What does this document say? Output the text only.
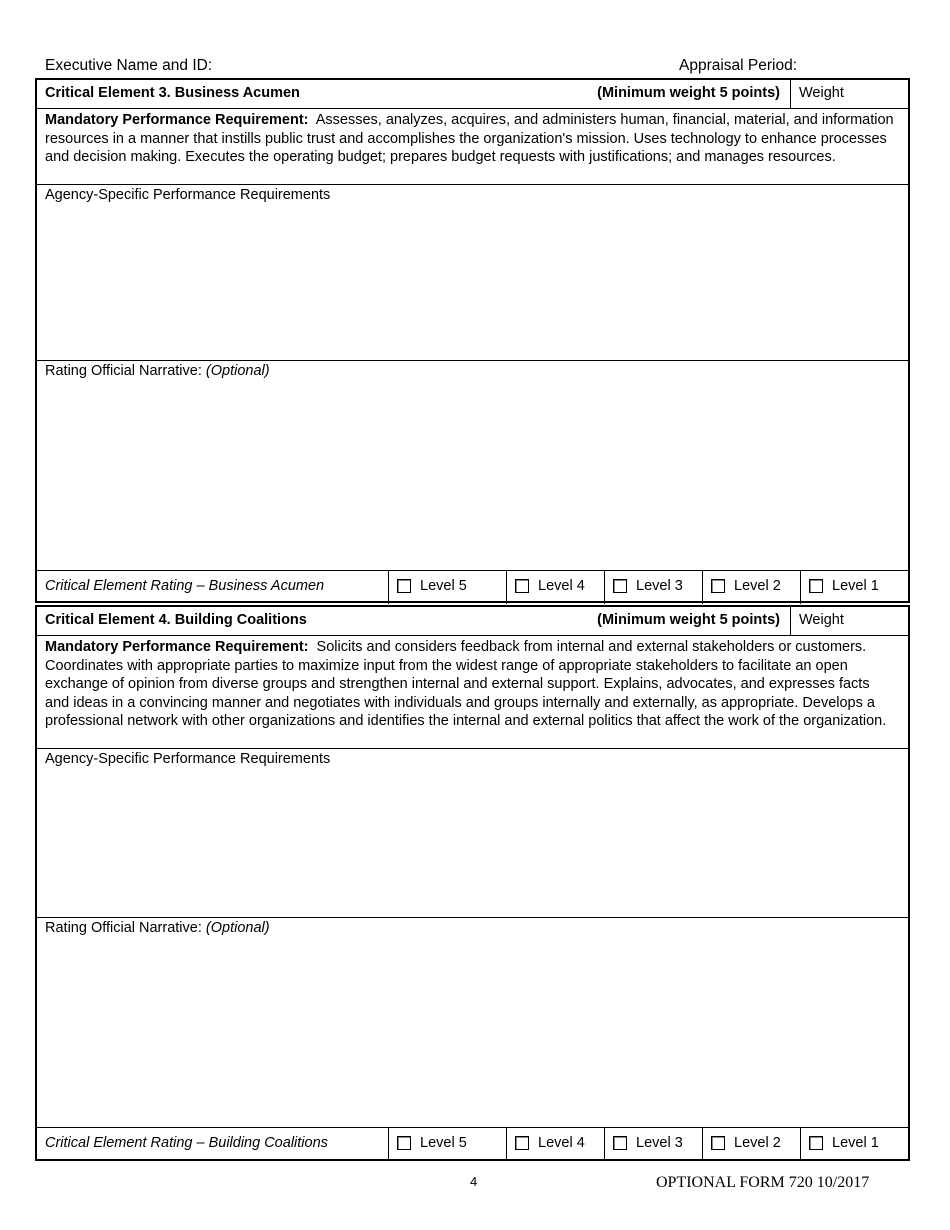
Executive Name and ID:	Appraisal Period:
Critical Element 3. Business Acumen	(Minimum weight 5 points) Weight
Mandatory Performance Requirement: Assesses, analyzes, acquires, and administers human, financial, material, and information resources in a manner that instills public trust and accomplishes the organization's mission. Uses technology to enhance processes and decision making. Executes the operating budget; prepares budget requests with justifications; and manages resources.
Agency-Specific Performance Requirements
Rating Official Narrative: (Optional)
Critical Element Rating – Business Acumen	Level 5	Level 4	Level 3	Level 2	Level 1
Critical Element 4. Building Coalitions	(Minimum weight 5 points) Weight
Mandatory Performance Requirement: Solicits and considers feedback from internal and external stakeholders or customers. Coordinates with appropriate parties to maximize input from the widest range of appropriate stakeholders to facilitate an open exchange of opinion from diverse groups and strengthen internal and external support. Explains, advocates, and expresses facts and ideas in a convincing manner and negotiates with individuals and groups internally and externally, as appropriate. Develops a professional network with other organizations and identifies the internal and external politics that affect the work of the organization.
Agency-Specific Performance Requirements
Rating Official Narrative: (Optional)
Critical Element Rating – Building Coalitions	Level 5	Level 4	Level 3	Level 2	Level 1
4	OPTIONAL FORM 720 10/2017
